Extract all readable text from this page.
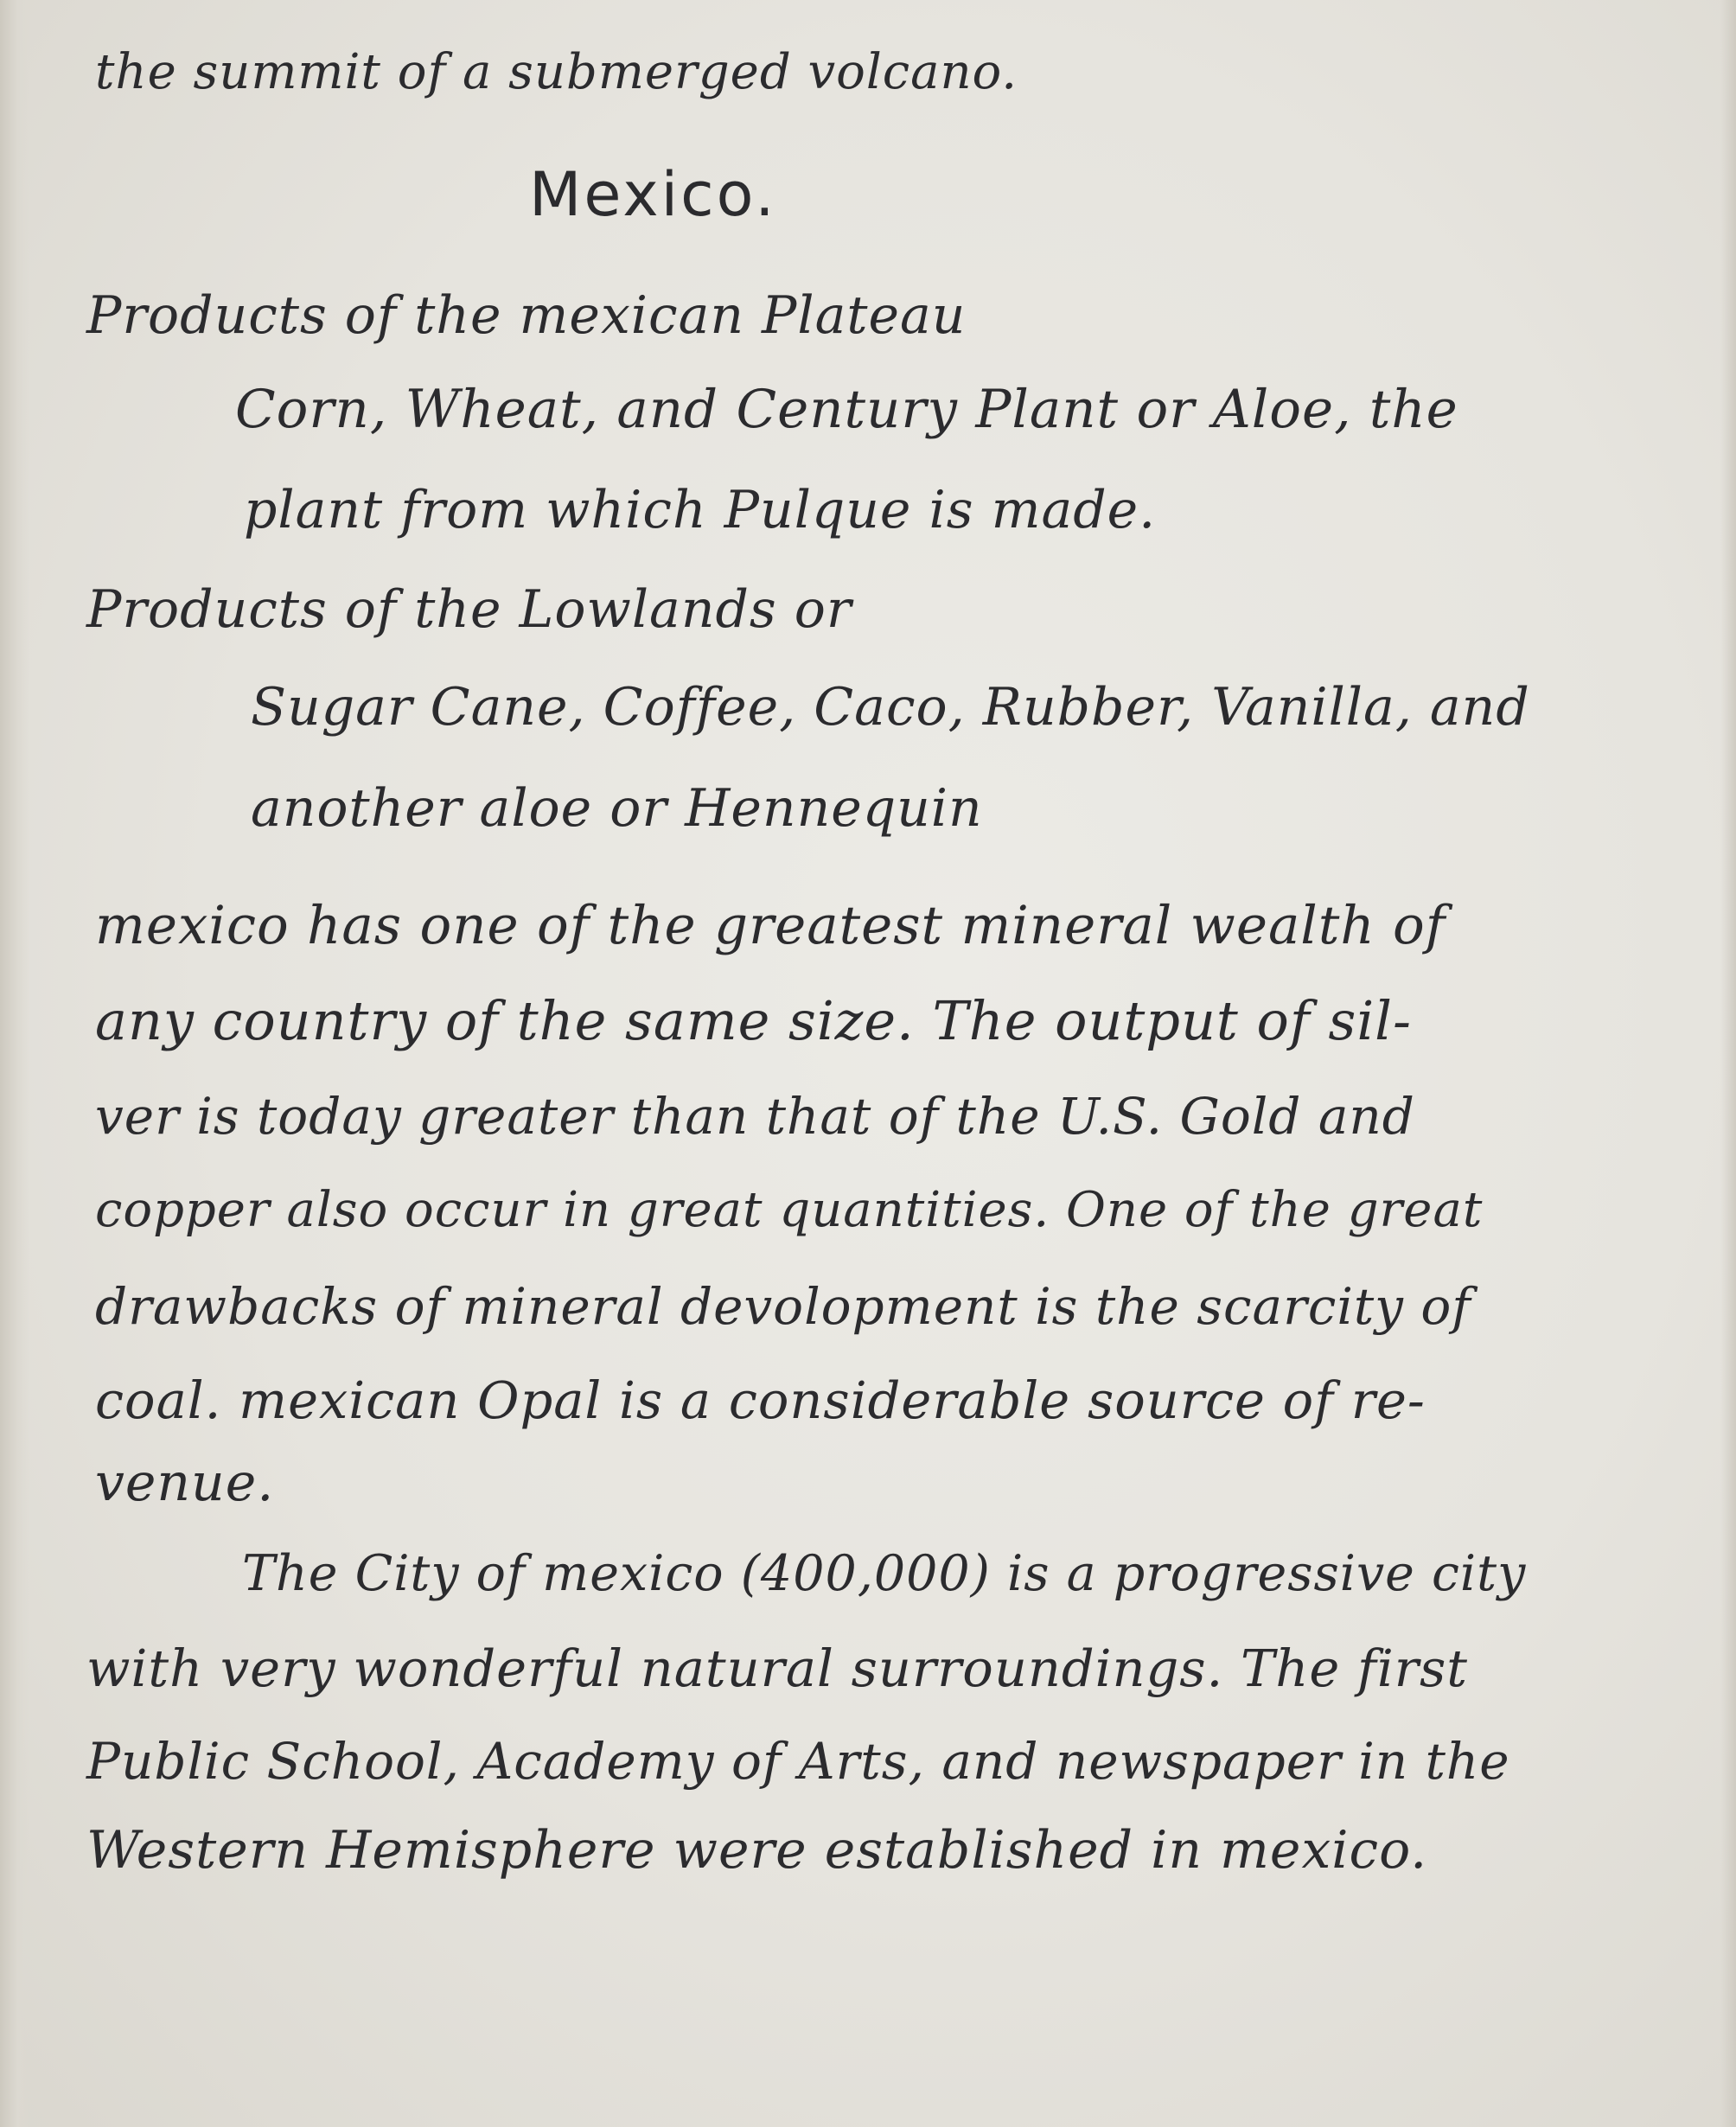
the summit of a submerged volcano.
Mexico.
Products of the mexican Plateau
Corn, Wheat, and Century Plant or Aloe, the
plant from which Pulque is made.
Products of the Lowlands or
Sugar Cane, Coffee, Caco, Rubber, Vanilla, and
another aloe or Hennequin
mexico has one of the greatest mineral wealth of
any country of the same size. The output of sil-
ver is today greater than that of the U.S. Gold and
copper also occur in great quantities. One of the great
drawbacks of mineral devolopment is the scarcity of
coal. mexican Opal is a considerable source of re-
venue.
The City of mexico (400,000) is a progressive city
with very wonderful natural surroundings. The first
Public School, Academy of Arts, and newspaper in the
Western Hemisphere were established in mexico.
